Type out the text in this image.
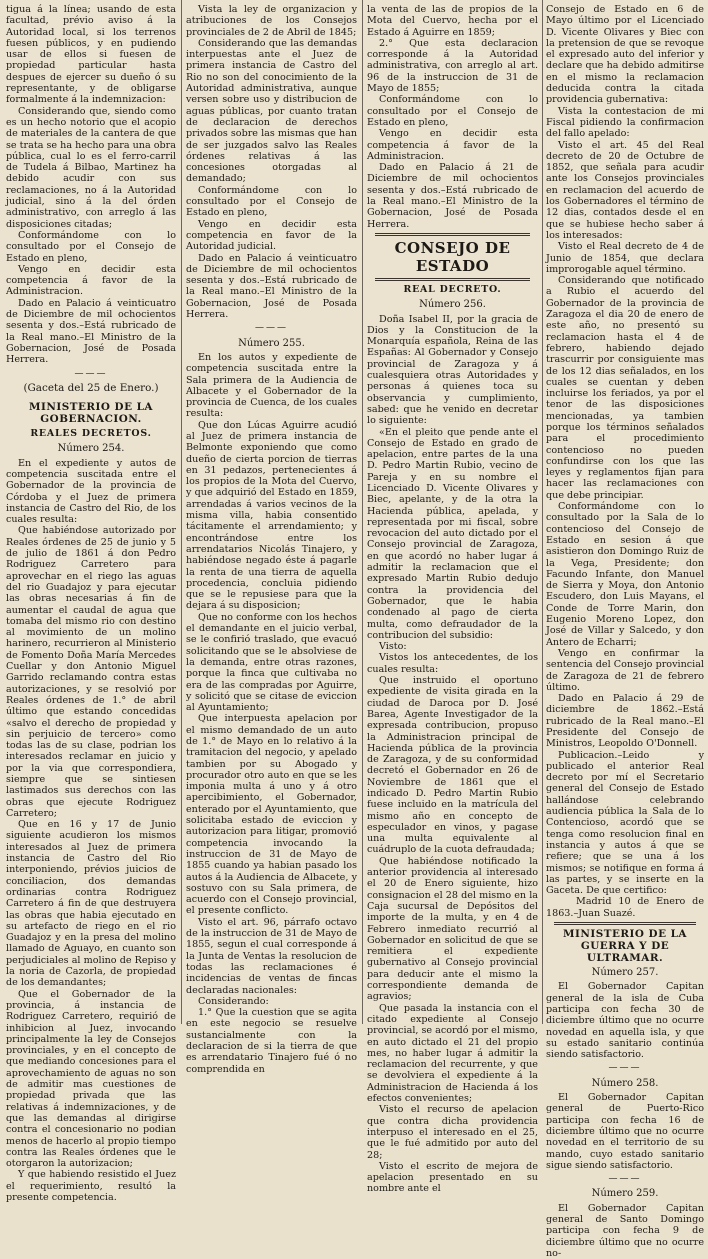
tigua á la línea; usando de esta facultad, prévio aviso á la Autoridad local, si los terrenos fuesen públicos, y en pudiendo usar de ellos si fuesen de propiedad particular hasta despues de ejercer su dueño ó su representante, y de obligarse formalmente á la indemnizacion:

Considerando que, siendo como es un hecho notorio que el acopio de materiales de la cantera de que se trata se ha hecho para una obra pública, cual lo es el ferro-carril de Tudela á Bilbao, Martinez ha debido acudir con sus reclamaciones, no á la Autoridad judicial, sino á la del órden administrativo, con arreglo á las disposiciones citadas;

Conformándome con lo consultado por el Consejo de Estado en pleno,

Vengo en decidir esta competencia á favor de la Administracion.

Dado en Palacio á veinticuatro de Diciembre de mil ochocientos sesenta y dos.–Está rubricado de la Real mano.–El Ministro de la Gobernacion, José de Posada Herrera.

———

(Gaceta del 25 de Enero.)

MINISTERIO DE LA GOBERNACION.
REALES DECRETOS.
Número 254.

En el expediente y autos de competencia suscitada entre el Gobernador de la provincia de Córdoba y el Juez de primera instancia de Castro del Rio, de los cuales resulta:

Que habiéndose autorizado por Reales órdenes de 25 de junio y 5 de julio de 1861 á don Pedro Rodriguez Carretero para aprovechar en el riego las aguas del rio Guadajoz y para ejecutar las obras necesarias á fin de aumentar el caudal de agua que tomaba del mismo rio con destino al movimiento de un molino harinero, recurrieron al Ministerio de Fomento Doña María Mercedes Cuellar y don Antonio Miguel Garrido reclamando contra estas autorizaciones, y se resolvió por Reales órdenes de 1.° de abril último que estando concedidas «salvo el derecho de propiedad y sin perjuicio de tercero» como todas las de su clase, podrian los interesados reclamar en juicio y por la via que correspondiera, siempre que se sintiesen lastimados sus derechos con las obras que ejecute Rodriguez Carretero;

Que en 16 y 17 de Junio siguiente acudieron los mismos interesados al Juez de primera instancia de Castro del Rio interponiendo, prévios juicios de conciliacion, dos demandas ordinarias contra Rodriguez Carretero á fin de que destruyera las obras que habia ejecutado en su artefacto de riego en el rio Guadajoz y en la presa del molino llamado de Aguayo, en cuanto son perjudiciales al molino de Repiso y la noria de Cazorla, de propiedad de los demandantes;

Que el Gobernador de la provincia, á instancia de Rodriguez Carretero, requirió de inhibicion al Juez, invocando principalmente la ley de Consejos provinciales, y en el concepto de que mediando concesiones para el aprovechamiento de aguas no son de admitir mas cuestiones de propiedad privada que las relativas á indemnizaciones, y de que las demandas al dirigirse contra el concesionario no podian menos de hacerlo al propio tiempo contra las Reales órdenes que le otorgaron la autorizacion;

Y que habiendo resistido el Juez el requerimiento, resultó la presente competencia.

Vista la ley de organizacion y atribuciones de los Consejos provinciales de 2 de Abril de 1845;

Considerando que las demandas interpuestas ante el Juez de primera instancia de Castro del Rio no son del conocimiento de la Autoridad administrativa, aunque versen sobre uso y distribucion de aguas públicas, por cuanto tratan de declaracion de derechos privados sobre las mismas que han de ser juzgados salvo las Reales órdenes relativas á las concesiones otorgadas al demandado;

Conformándome con lo consultado por el Consejo de Estado en pleno,

Vengo en decidir esta competencia en favor de la Autoridad judicial.

Dado en Palacio á veinticuatro de Diciembre de mil ochocientos sesenta y dos.–Está rubricado de la Real mano.–El Ministro de la Gobernacion, José de Posada Herrera.

———
Número 255.

En los autos y expediente de competencia suscitada entre la Sala primera de la Audiencia de Albacete y el Gobernador de la provincia de Cuenca, de los cuales resulta:

Que don Lúcas Aguirre acudió al Juez de primera instancia de Belmonte exponiendo que como dueño de cierta porcion de tierras en 31 pedazos, pertenecientes á los propios de la Mota del Cuervo, y que adquirió del Estado en 1859, arrendadas á varios vecinos de la misma villa, habia consentido tácitamente el arrendamiento; y encontrándose entre los arrendatarios Nicolás Tinajero, y habiéndose negado éste á pagarle la renta de una tierra de aquella procedencia, concluia pidiendo que se le repusiese para que la dejara á su disposicion;

Que no conforme con los hechos el demandante en el juicio verbal, se le confirió traslado, que evacuó solicitando que se le absolviese de la demanda, entre otras razones, porque la finca que cultivaba no era de las compradas por Aguirre, y solicitó que se citase de eviccion al Ayuntamiento;

Que interpuesta apelacion por el mismo demandado de un auto de 1.° de Mayo en lo relativo á la tramitacion del negocio, y apelado tambien por su Abogado y procurador otro auto en que se les imponia multa á uno y á otro apercibimiento, el Gobernador, enterado por el Ayuntamiento, que solicitaba estado de eviccion y autorizacion para litigar, promovió competencia invocando la instruccion de 31 de Mayo de 1855 cuando ya habian pasado los autos á la Audiencia de Albacete, y sostuvo con su Sala primera, de acuerdo con el Consejo provincial, el presente conflicto.

Visto el art. 96, párrafo octavo de la instruccion de 31 de Mayo de 1855, segun el cual corresponde á la Junta de Ventas la resolucion de todas las reclamaciones é incidencias de ventas de fincas declaradas nacionales:

Considerando:

1.° Que la cuestion que se agita en este negocio se resuelve sustancialmente con la declaracion de si la tierra de que es arrendatario Tinajero fué ó no comprendida en

la venta de las de propios de la Mota del Cuervo, hecha por el Estado á Aguirre en 1859;

2.° Que esta declaracion corresponde á la Autoridad administrativa, con arreglo al art. 96 de la instruccion de 31 de Mayo de 1855;

Conformándome con lo consultado por el Consejo de Estado en pleno,

Vengo en decidir esta competencia á favor de la Administracion.

Dado en Palacio á 21 de Diciembre de mil ochocientos sesenta y dos.–Está rubricado de la Real mano.–El Ministro de la Gobernacion, José de Posada Herrera.

CONSEJO DE ESTADO
REAL DECRETO.
Número 256.

Doña Isabel II, por la gracia de Dios y la Constitucion de la Monarquía española, Reina de las Españas: Al Gobernador y Consejo provincial de Zaragoza y á cualesquiera otras Autoridades y personas á quienes toca su observancia y cumplimiento, sabed: que he venido en decretar lo siguiente:

«En el pleito que pende ante el Consejo de Estado en grado de apelacion, entre partes de la una D. Pedro Martin Rubio, vecino de Pareja y en su nombre el Licenciado D. Vicente Olivares y Biec, apelante, y de la otra la Hacienda pública, apelada, y representada por mi fiscal, sobre revocacion del auto dictado por el Consejo provincial de Zaragoza, en que acordó no haber lugar á admitir la reclamacion que el expresado Martin Rubio dedujo contra la providencia del Gobernador, que le habia condenado al pago de cierta multa, como defraudador de la contribucion del subsidio:

Visto:

Vistos los antecedentes, de los cuales resulta:

Que instruido el oportuno expediente de visita girada en la ciudad de Daroca por D. José Barea, Agente Investigador de la expresada contribucion, propuso la Administracion principal de Hacienda pública de la provincia de Zaragoza, y de su conformidad decretó el Gobernador en 26 de Noviembre de 1861 que el indicado D. Pedro Martin Rubio fuese incluido en la matrícula del mismo año en concepto de especulador en vinos, y pagase una multa equivalente al cuádruplo de la cuota defraudada;

Que habiéndose notificado la anterior providencia al interesado el 20 de Enero siguiente, hizo consignacion el 28 del mismo en la Caja sucursal de Depósitos del importe de la multa, y en 4 de Febrero inmediato recurrió al Gobernador en solicitud de que se remitiera el expediente gubernativo al Consejo provincial para deducir ante el mismo la correspondiente demanda de agravios;

Que pasada la instancia con el citado expediente al Consejo provincial, se acordó por el mismo, en auto dictado el 21 del propio mes, no haber lugar á admitir la reclamacion del recurrente, y que se devolviera el expediente á la Administracion de Hacienda á los efectos convenientes;

Visto el recurso de apelacion que contra dicha providencia interpuso el interesado en el 25, que le fué admitido por auto del 28;

Visto el escrito de mejora de apelacion presentado en su nombre ante el

Consejo de Estado en 6 de Mayo último por el Licenciado D. Vicente Olivares y Biec con la pretension de que se revoque el expresado auto del inferior y declare que ha debido admitirse en el mismo la reclamacion deducida contra la citada providencia gubernativa:

Vista la contestacion de mi Fiscal pidiendo la confirmacion del fallo apelado:

Visto el art. 45 del Real decreto de 20 de Octubre de 1852, que señala para acudir ante los Consejos provinciales en reclamacion del acuerdo de los Gobernadores el término de 12 dias, contados desde el en que se hubiese hecho saber á los interesados:

Visto el Real decreto de 4 de Junio de 1854, que declara improrogable aquel término.

Considerando que notificado a Rubio el acuerdo del Gobernador de la provincia de Zaragoza el dia 20 de enero de este año, no presentó su reclamacion hasta el 4 de febrero, habiendo dejado trascurrir por consiguiente mas de los 12 dias señalados, en los cuales se cuentan y deben incluirse los feriados, ya por el tenor de las disposiciones mencionadas, ya tambien porque los términos señalados para el procedimiento contencioso no pueden confundirse con los que las leyes y reglamentos fijan para hacer las reclamaciones con que debe principiar.

Conformándome con lo consultado por la Sala de lo contencioso del Consejo de Estado en sesion á que asistieron don Domingo Ruiz de la Vega, Presidente; don Facundo Infante, don Manuel de Sierra y Moya, don Antonio Escudero, don Luis Mayans, el Conde de Torre Marin, don Eugenio Moreno Lopez, don José de Villar y Salcedo, y don Antero de Echarri;

Vengo en confirmar la sentencia del Consejo provincial de Zaragoza de 21 de febrero último.

Dado en Palacio á 29 de diciembre de 1862.–Está rubricado de la Real mano.–El Presidente del Consejo de Ministros, Leopoldo O'Donnell.

Publicacion.–Leido y publicado el anterior Real decreto por mí el Secretario general del Consejo de Estado hallándose celebrando audiencia pública la Sala de lo Contencioso, acordó que se tenga como resolucion final en instancia y autos á que se refiere; que se una á los mismos; se notifique en forma á las partes, y se inserte en la Gaceta. De que certifico:

Madrid 10 de Enero de 1863.–Juan Suazé.

MINISTERIO DE LA GUERRA Y DE ULTRAMAR.
Número 257.

El Gobernador Capitan general de la isla de Cuba participa con fecha 30 de diciembre último que no ocurre novedad en aquella isla, y que su estado sanitario continúa siendo satisfactorio.

———
Número 258.

El Gobernador Capitan general de Puerto-Rico participa con fecha 16 de diciembre último que no ocurre novedad en el territorio de su mando, cuyo estado sanitario sigue siendo satisfactorio.

———
Número 259.

El Gobernador Capitan general de Santo Domingo participa con fecha 9 de diciembre último que no ocurre no-
